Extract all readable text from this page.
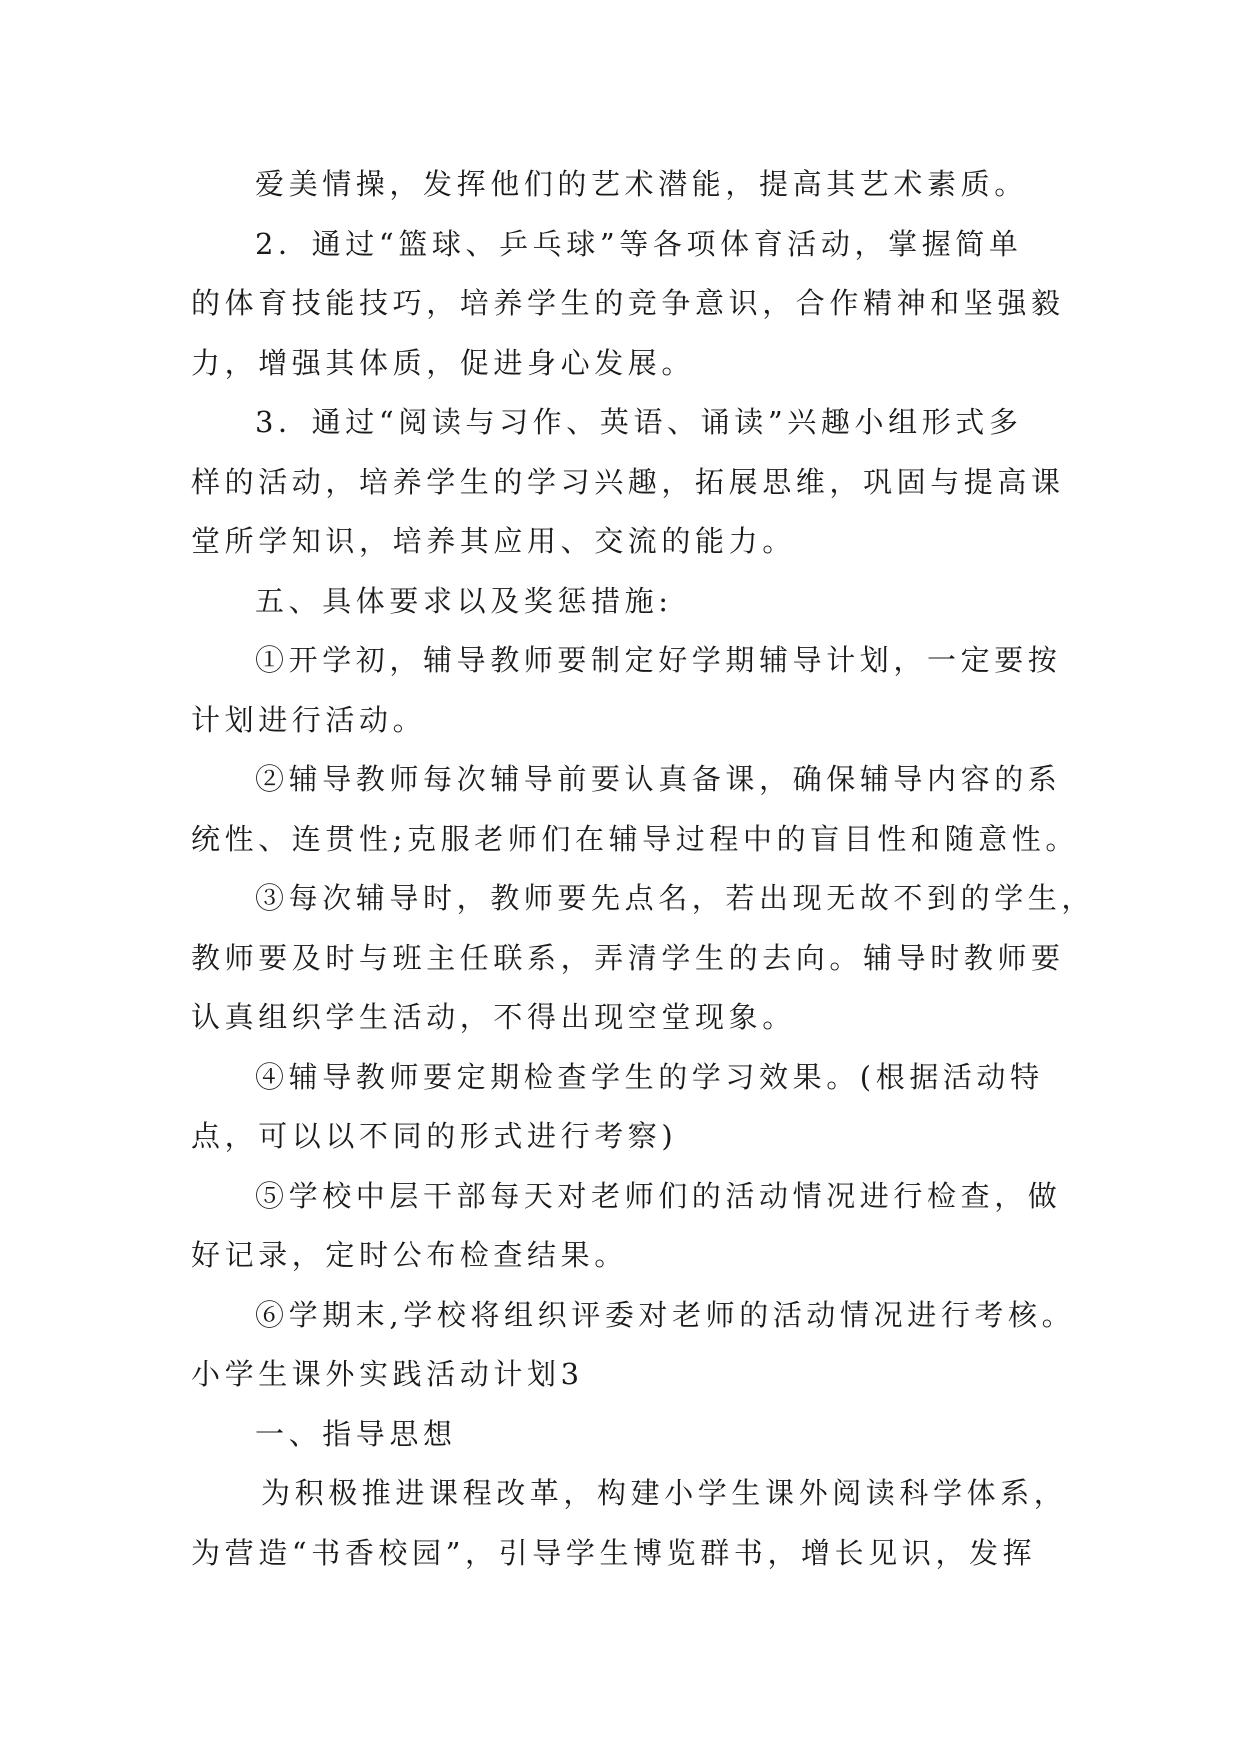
爱美情操，发挥他们的艺术潜能，提高其艺术素质。
2．通过“篮球、乒乓球”等各项体育活动，掌握简单
的体育技能技巧，培养学生的竞争意识，合作精神和坚强毅
力，增强其体质，促进身心发展。
3．通过“阅读与习作、英语、诵读”兴趣小组形式多
样的活动，培养学生的学习兴趣，拓展思维，巩固与提高课
堂所学知识，培养其应用、交流的能力。
五、具体要求以及奖惩措施:
①开学初，辅导教师要制定好学期辅导计划，一定要按
计划进行活动。
②辅导教师每次辅导前要认真备课，确保辅导内容的系
统性、连贯性;克服老师们在辅导过程中的盲目性和随意性。
③每次辅导时，教师要先点名，若出现无故不到的学生，
教师要及时与班主任联系，弄清学生的去向。辅导时教师要
认真组织学生活动，不得出现空堂现象。
④辅导教师要定期检查学生的学习效果。(根据活动特
点，可以以不同的形式进行考察)
⑤学校中层干部每天对老师们的活动情况进行检查，做
好记录，定时公布检查结果。
⑥学期末,学校将组织评委对老师的活动情况进行考核。
小学生课外实践活动计划3
一、指导思想
为积极推进课程改革，构建小学生课外阅读科学体系，
为营造“书香校园”，引导学生博览群书，增长见识，发挥
